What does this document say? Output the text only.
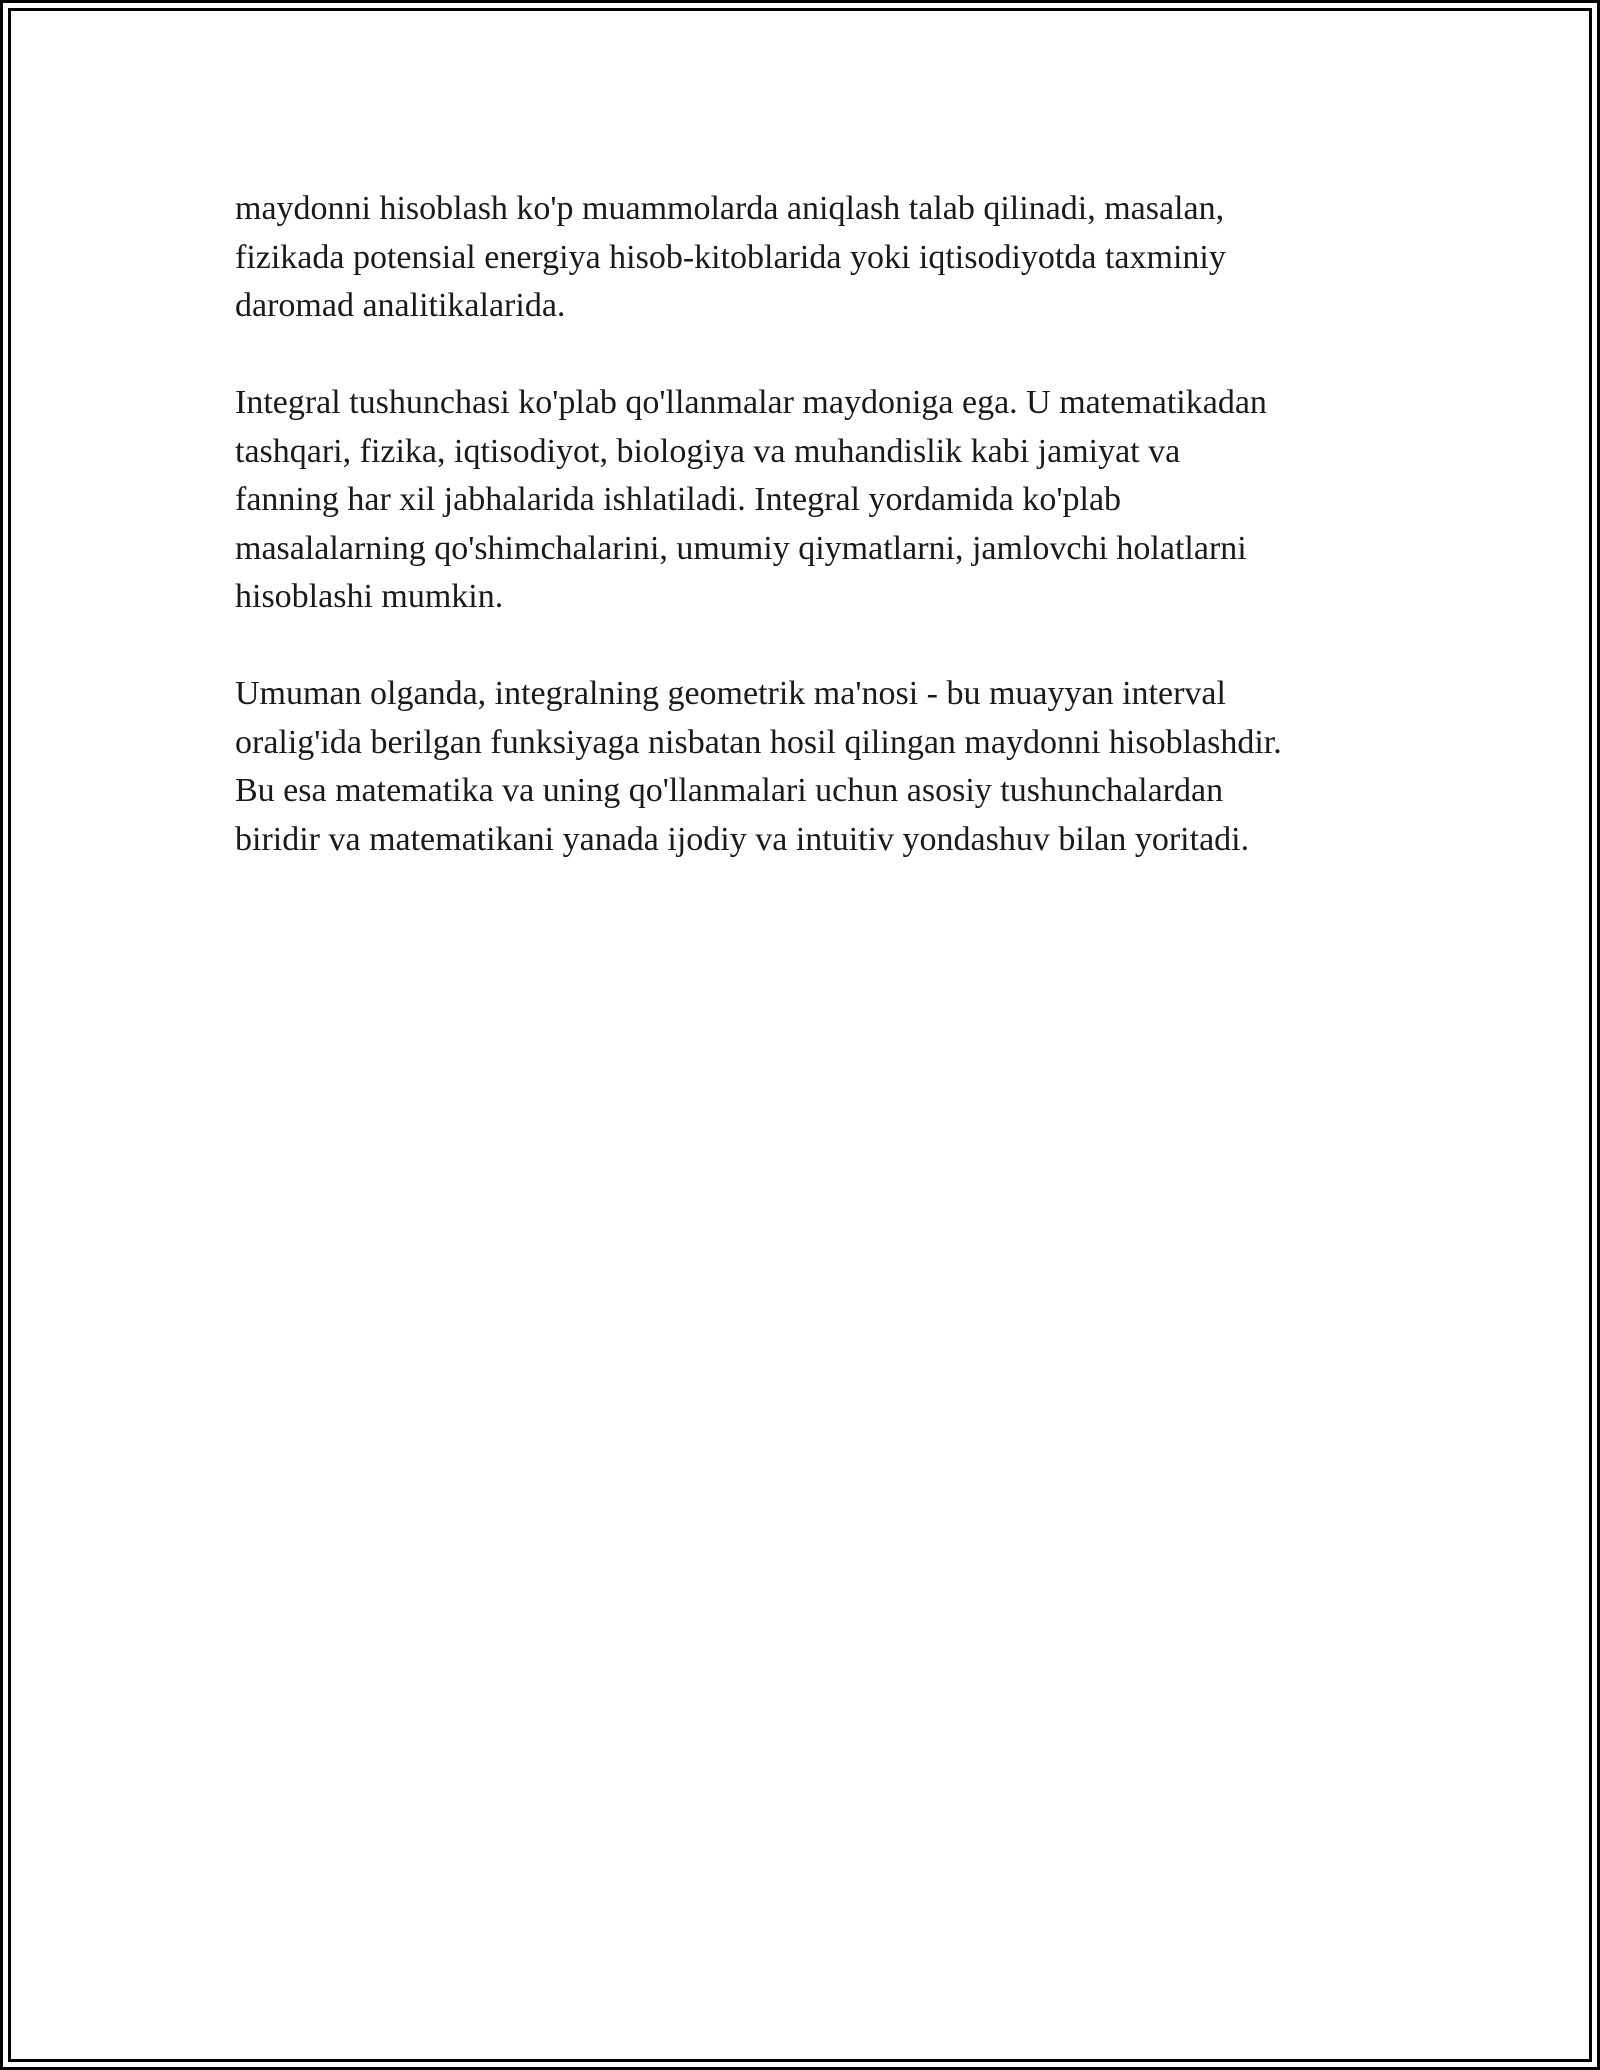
maydonni hisoblash ko'p muammolarda aniqlash talab qilinadi, masalan,
fizikada potensial energiya hisob-kitoblarida yoki iqtisodiyotda taxminiy
daromad analitikalarida.

Integral tushunchasi ko'plab qo'llanmalar maydoniga ega. U matematikadan
tashqari, fizika, iqtisodiyot, biologiya va muhandislik kabi jamiyat va
fanning har xil jabhalarida ishlatiladi. Integral yordamida ko'plab
masalalarning qo'shimchalarini, umumiy qiymatlarni, jamlovchi holatlarni
hisoblashi mumkin.

Umuman olganda, integralning geometrik ma'nosi - bu muayyan interval
oralig'ida berilgan funksiyaga nisbatan hosil qilingan maydonni hisoblashdir.
Bu esa matematika va uning qo'llanmalari uchun asosiy tushunchalardan
biridir va matematikani yanada ijodiy va intuitiv yondashuv bilan yoritadi.
